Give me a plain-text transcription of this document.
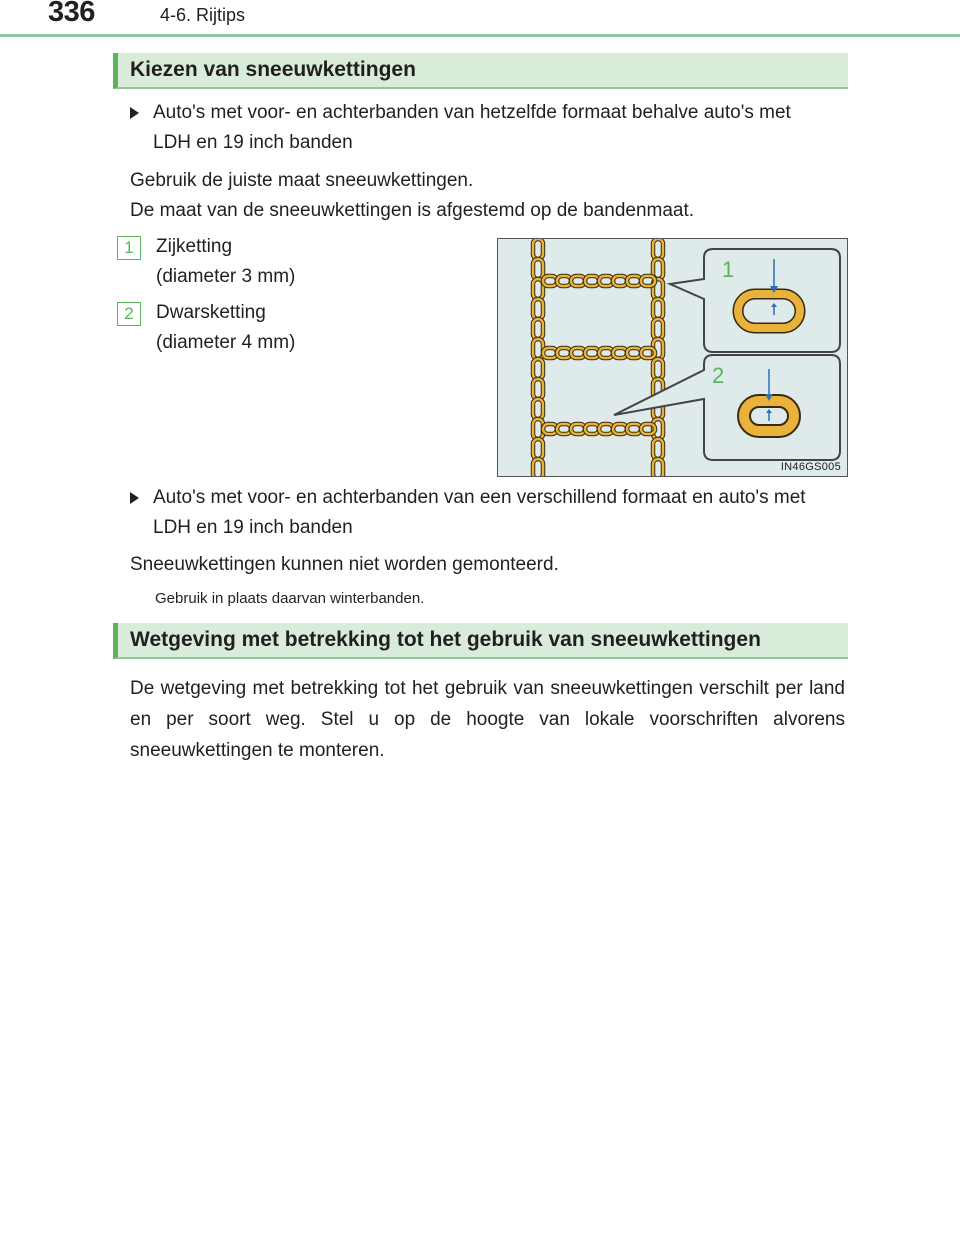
336	4-6. Rijtips
Kiezen van sneeuwkettingen
Auto's met voor- en achterbanden van hetzelfde formaat behalve auto's met
LDH en 19 inch banden
Gebruik de juiste maat sneeuwkettingen.
De maat van de sneeuwkettingen is afgestemd op de bandenmaat.
1	Zijketting
(diameter 3 mm)
2	Dwarsketting
(diameter 4 mm)
1
2
IN46GS005
Auto's met voor- en achterbanden van een verschillend formaat en auto's met
LDH en 19 inch banden
Sneeuwkettingen kunnen niet worden gemonteerd.
Gebruik in plaats daarvan winterbanden.
Wetgeving met betrekking tot het gebruik van sneeuwkettingen
De wetgeving met betrekking tot het gebruik van sneeuwkettingen verschilt per land en per soort weg. Stel u op de hoogte van lokale voorschriften alvorens sneeuwkettingen te monteren.
